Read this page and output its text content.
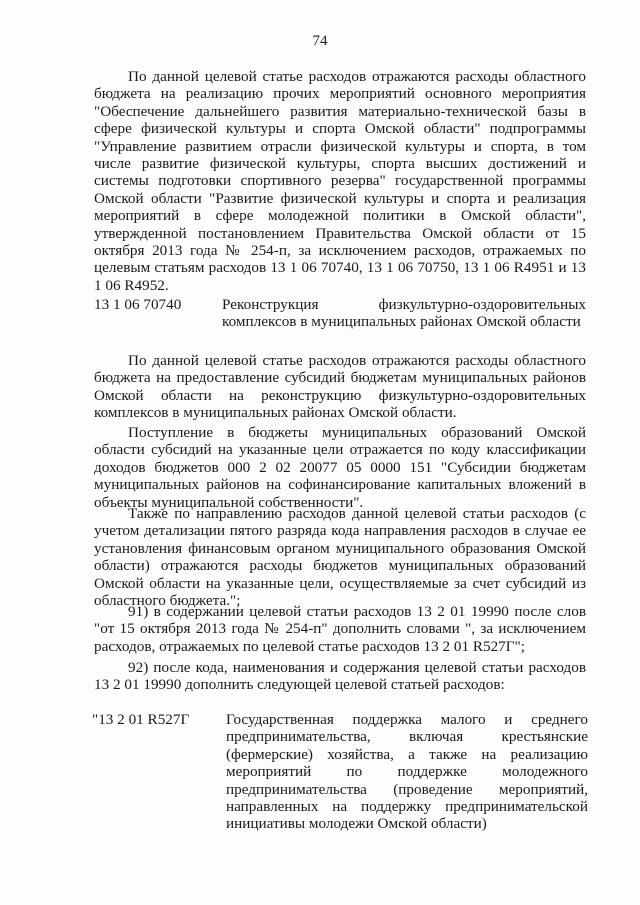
74

По данной целевой статье расходов отражаются расходы областного бюджета на реализацию прочих мероприятий основного мероприятия "Обеспечение дальнейшего развития материально-технической базы в сфере физической культуры и спорта Омской области" подпрограммы "Управление развитием отрасли физической культуры и спорта, в том числе развитие физической культуры, спорта высших достижений и системы подготовки спортивного резерва" государственной программы Омской области "Развитие физической культуры и спорта и реализация мероприятий в сфере молодежной политики в Омской области", утвержденной постановлением Правительства Омской области от 15 октября 2013 года № 254-п, за исключением расходов, отражаемых по целевым статьям расходов 13 1 06 70740, 13 1 06 70750, 13 1 06 R4951 и 13 1 06 R4952.

13 1 06 70740	Реконструкция физкультурно-оздоровительных комплексов в муниципальных районах Омской области

По данной целевой статье расходов отражаются расходы областного бюджета на предоставление субсидий бюджетам муниципальных районов Омской области на реконструкцию физкультурно-оздоровительных комплексов в муниципальных районах Омской области.

Поступление в бюджеты муниципальных образований Омской области субсидий на указанные цели отражается по коду классификации доходов бюджетов 000 2 02 20077 05 0000 151 "Субсидии бюджетам муниципальных районов на софинансирование капитальных вложений в объекты муниципальной собственности".

Также по направлению расходов данной целевой статьи расходов (с учетом детализации пятого разряда кода направления расходов в случае ее установления финансовым органом муниципального образования Омской области) отражаются расходы бюджетов муниципальных образований Омской области на указанные цели, осуществляемые за счет субсидий из областного бюджета.";

91) в содержании целевой статьи расходов 13 2 01 19990 после слов "от 15 октября 2013 года № 254-п" дополнить словами ", за исключением расходов, отражаемых по целевой статье расходов 13 2 01 R527Г";

92) после кода, наименования и содержания целевой статьи расходов 13 2 01 19990 дополнить следующей целевой статьей расходов:

"13 2 01 R527Г Государственная поддержка малого и среднего предпринимательства, включая крестьянские (фермерские) хозяйства, а также на реализацию мероприятий по поддержке молодежного предпринимательства (проведение мероприятий, направленных на поддержку предпринимательской инициативы молодежи Омской области)
